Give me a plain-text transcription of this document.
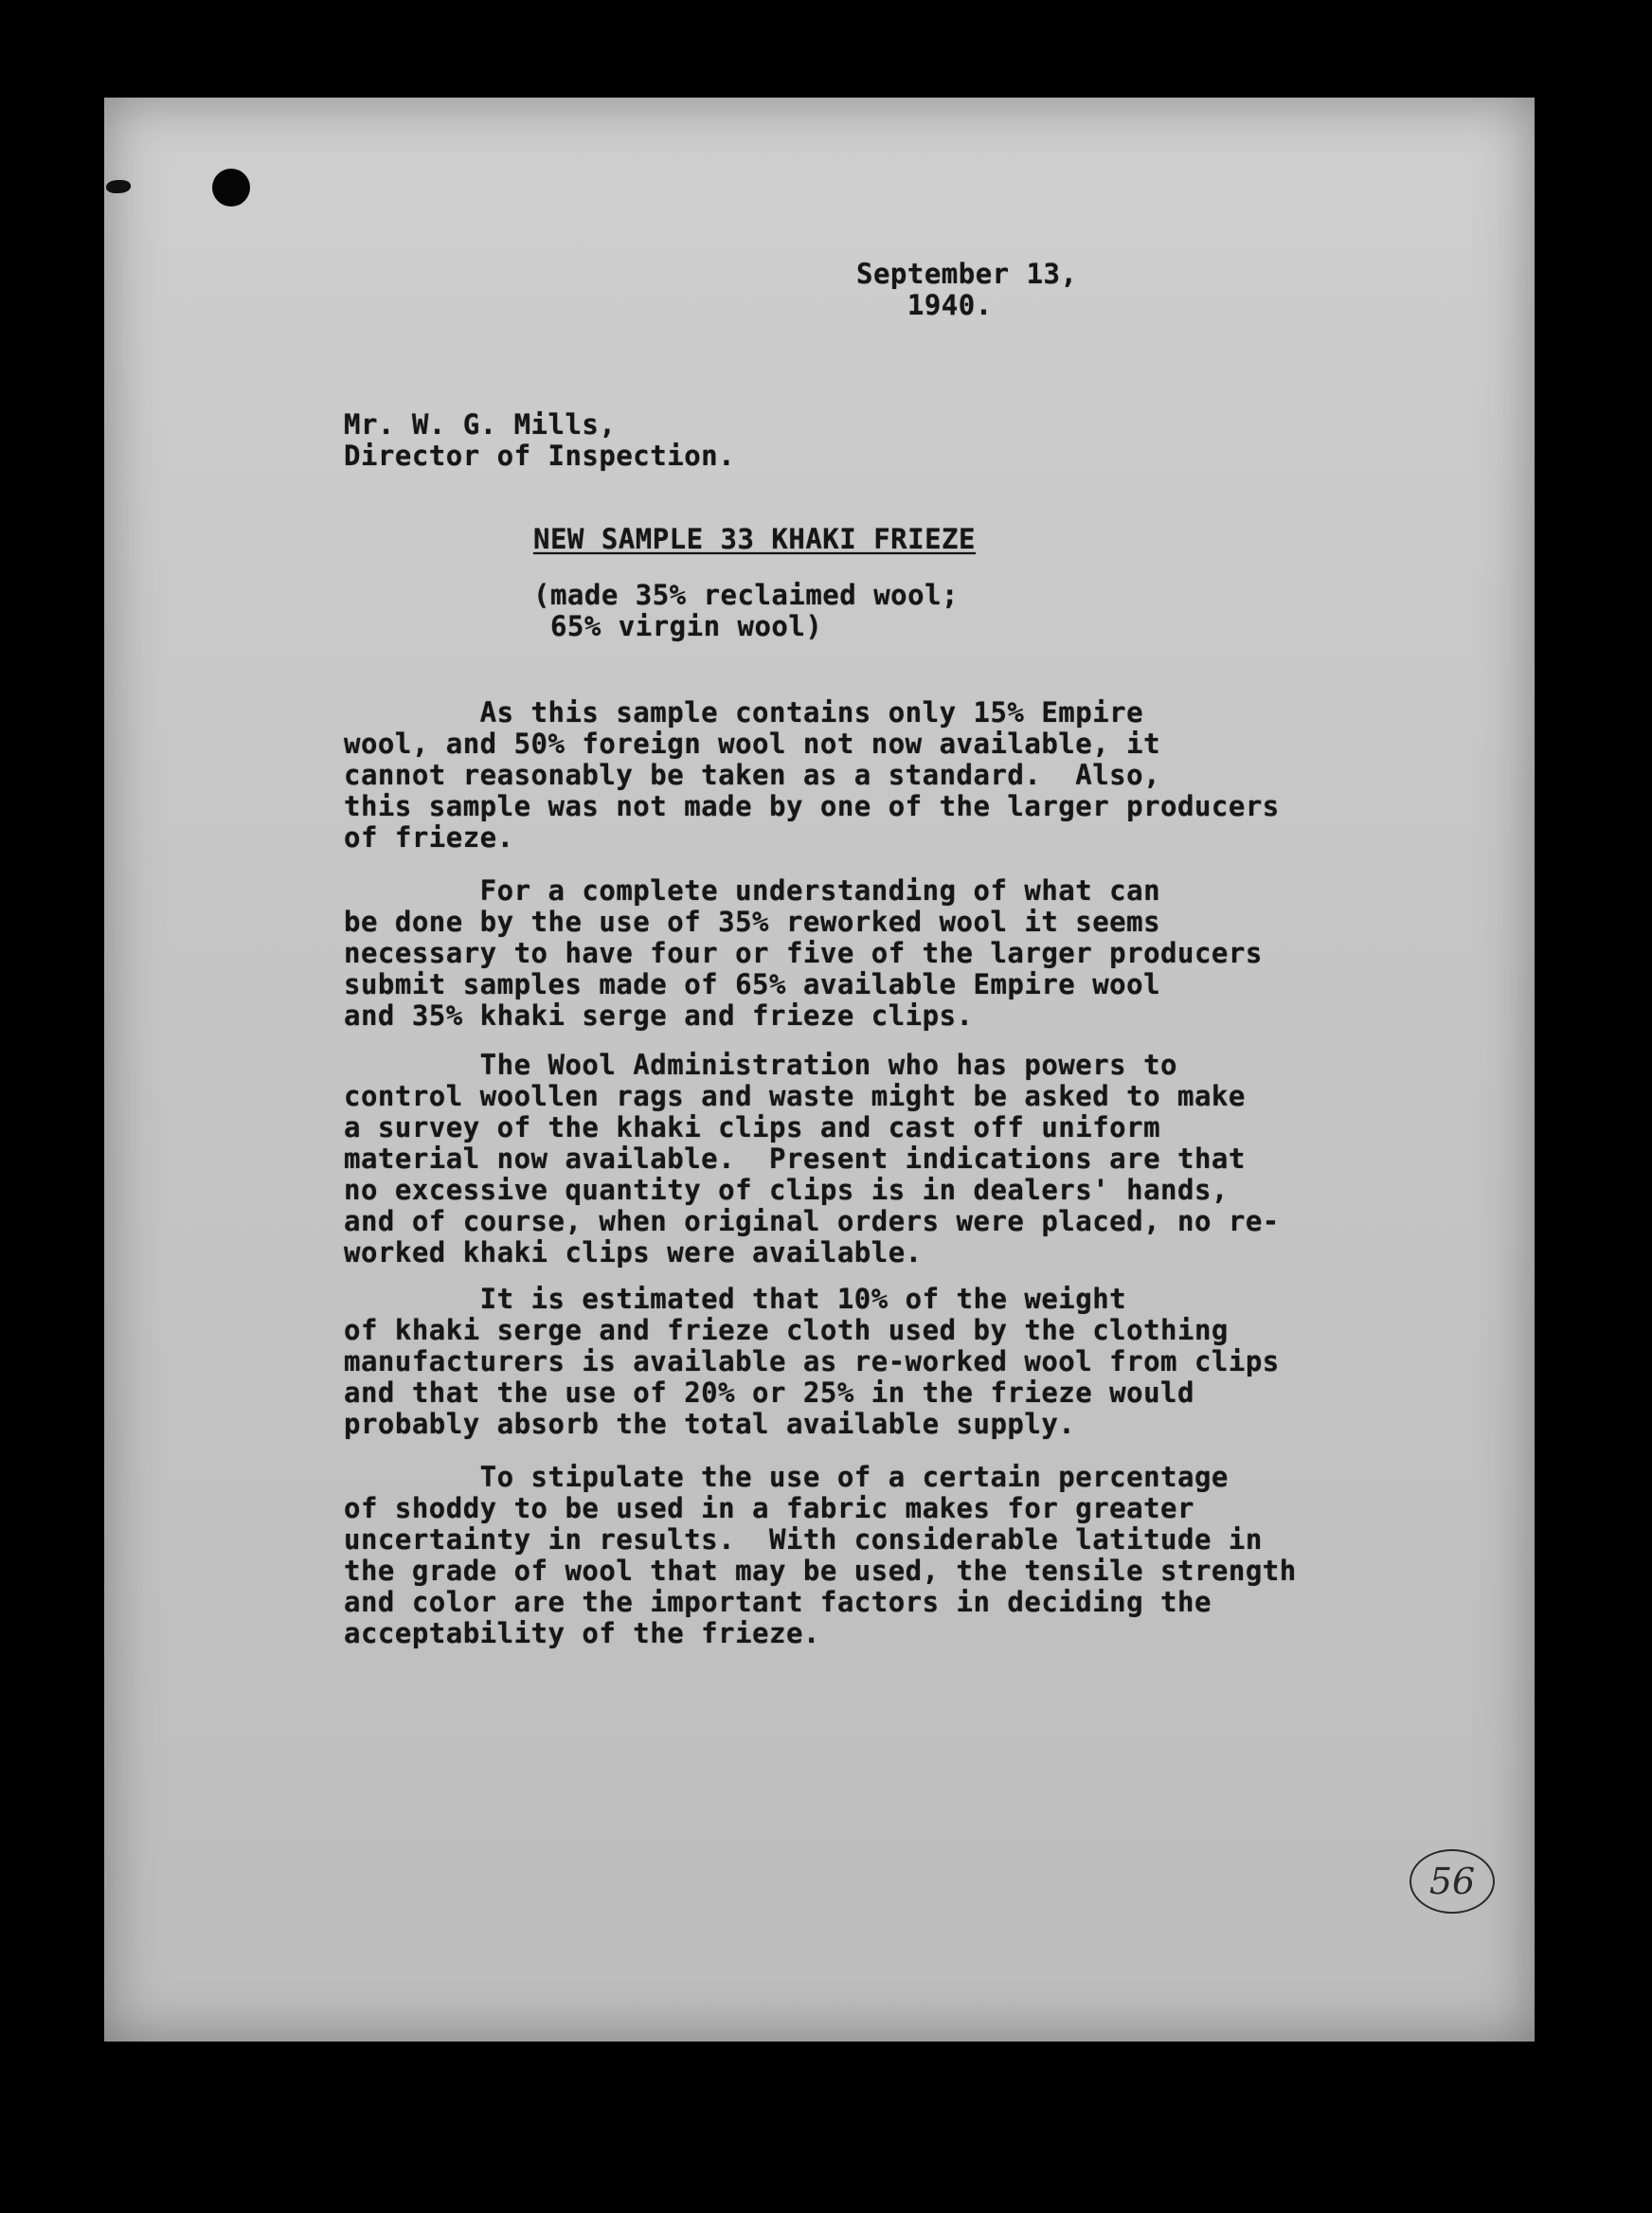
September 13,
1940.
Mr. W. G. Mills,
Director of Inspection.
NEW SAMPLE 33 KHAKI FRIEZE
(made 35% reclaimed wool;
65% virgin wool)
As this sample contains only 15% Empire
wool, and 50% foreign wool not now available, it
cannot reasonably be taken as a standard.  Also,
this sample was not made by one of the larger producers
of frieze.
For a complete understanding of what can
be done by the use of 35% reworked wool it seems
necessary to have four or five of the larger producers
submit samples made of 65% available Empire wool
and 35% khaki serge and frieze clips.
The Wool Administration who has powers to
control woollen rags and waste might be asked to make
a survey of the khaki clips and cast off uniform
material now available.  Present indications are that
no excessive quantity of clips is in dealers' hands,
and of course, when original orders were placed, no re-
worked khaki clips were available.
It is estimated that 10% of the weight
of khaki serge and frieze cloth used by the clothing
manufacturers is available as re-worked wool from clips
and that the use of 20% or 25% in the frieze would
probably absorb the total available supply.
To stipulate the use of a certain percentage
of shoddy to be used in a fabric makes for greater
uncertainty in results.  With considerable latitude in
the grade of wool that may be used, the tensile strength
and color are the important factors in deciding the
acceptability of the frieze.
56
